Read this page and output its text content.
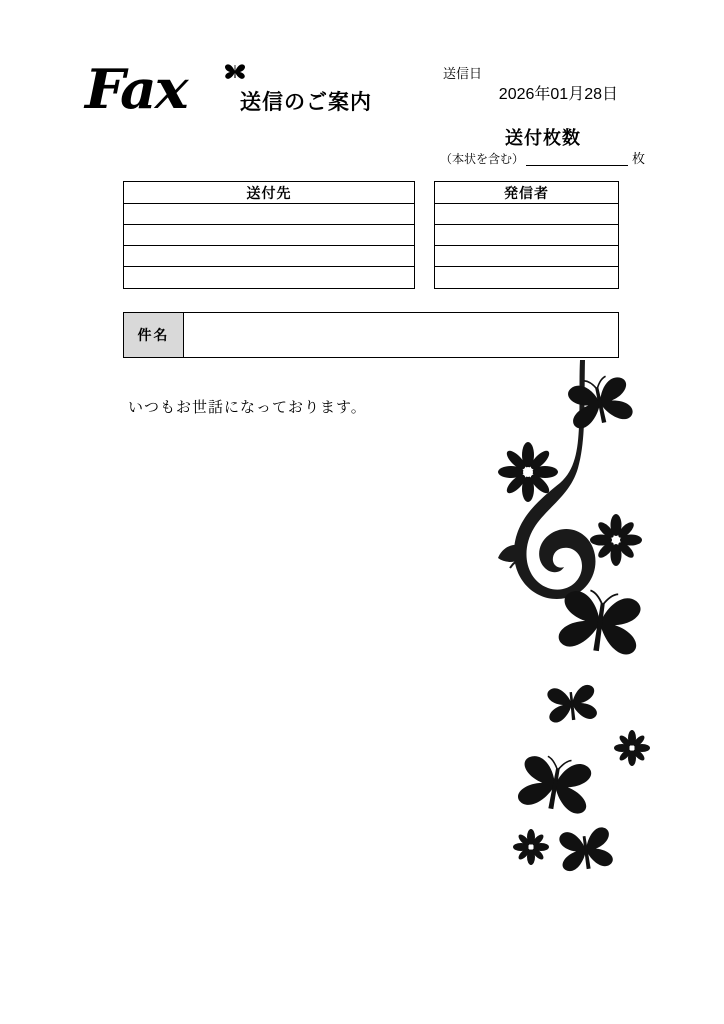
Fax	送信のご案内
送信日
2026年01月28日
送付枚数
（本状を含む）	枚
送付先	発信者
件名
いつもお世話になっております。
